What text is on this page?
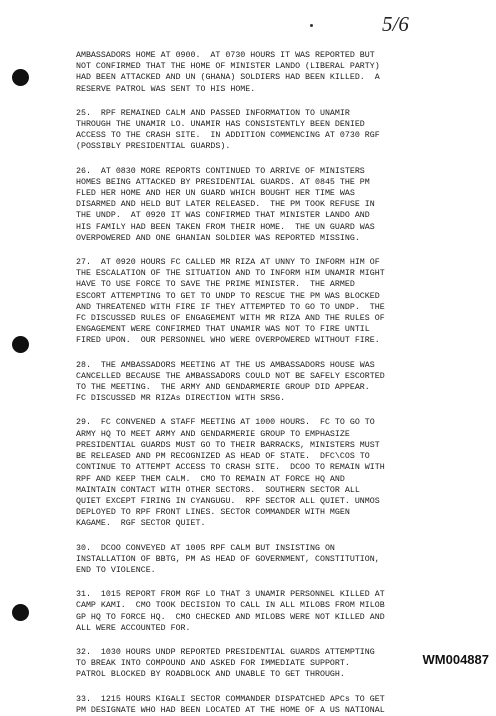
5/6

AMBASSADORS HOME AT 0900.  AT 0730 HOURS IT WAS REPORTED BUT
NOT CONFIRMED THAT THE HOME OF MINISTER LANDO (LIBERAL PARTY)
HAD BEEN ATTACKED AND UN (GHANA) SOLDIERS HAD BEEN KILLED.  A
RESERVE PATROL WAS SENT TO HIS HOME.

25.  RPF REMAINED CALM AND PASSED INFORMATION TO UNAMIR
THROUGH THE UNAMIR LO. UNAMIR HAS CONSISTENTLY BEEN DENIED
ACCESS TO THE CRASH SITE.  IN ADDITION COMMENCING AT 0730 RGF
(POSSIBLY PRESIDENTIAL GUARDS).

26.  AT 0830 MORE REPORTS CONTINUED TO ARRIVE OF MINISTERS
HOMES BEING ATTACKED BY PRESIDENTIAL GUARDS. AT 0845 THE PM
FLED HER HOME AND HER UN GUARD WHICH BOUGHT HER TIME WAS
DISARMED AND HELD BUT LATER RELEASED.  THE PM TOOK REFUSE IN
THE UNDP.  AT 0920 IT WAS CONFIRMED THAT MINISTER LANDO AND
HIS FAMILY HAD BEEN TAKEN FROM THEIR HOME.  THE UN GUARD WAS
OVERPOWERED AND ONE GHANIAN SOLDIER WAS REPORTED MISSING.

27.  AT 0920 HOURS FC CALLED MR RIZA AT UNNY TO INFORM HIM OF
THE ESCALATION OF THE SITUATION AND TO INFORM HIM UNAMIR MIGHT
HAVE TO USE FORCE TO SAVE THE PRIME MINISTER.  THE ARMED
ESCORT ATTEMPTING TO GET TO UNDP TO RESCUE THE PM WAS BLOCKED
AND THREATENED WITH FIRE IF THEY ATTEMPTED TO GO TO UNDP.  THE
FC DISCUSSED RULES OF ENGAGEMENT WITH MR RIZA AND THE RULES OF
ENGAGEMENT WERE CONFIRMED THAT UNAMIR WAS NOT TO FIRE UNTIL
FIRED UPON.  OUR PERSONNEL WHO WERE OVERPOWERED WITHOUT FIRE.

28.  THE AMBASSADORS MEETING AT THE US AMBASSADORS HOUSE WAS
CANCELLED BECAUSE THE AMBASSADORS COULD NOT BE SAFELY ESCORTED
TO THE MEETING.  THE ARMY AND GENDARMERIE GROUP DID APPEAR.
FC DISCUSSED MR RIZAs DIRECTION WITH SRSG.

29.  FC CONVENED A STAFF MEETING AT 1000 HOURS.  FC TO GO TO
ARMY HQ TO MEET ARMY AND GENDARMERIE GROUP TO EMPHASIZE
PRESIDENTIAL GUARDS MUST GO TO THEIR BARRACKS, MINISTERS MUST
BE RELEASED AND PM RECOGNIZED AS HEAD OF STATE.  DFC\COS TO
CONTINUE TO ATTEMPT ACCESS TO CRASH SITE.  DCOO TO REMAIN WITH
RPF AND KEEP THEM CALM.  CMO TO REMAIN AT FORCE HQ AND
MAINTAIN CONTACT WITH OTHER SECTORS.  SOUTHERN SECTOR ALL
QUIET EXCEPT FIRING IN CYANGUGU.  RPF SECTOR ALL QUIET. UNMOS
DEPLOYED TO RPF FRONT LINES. SECTOR COMMANDER WITH MGEN
KAGAME.  RGF SECTOR QUIET.

30.  DCOO CONVEYED AT 1005 RPF CALM BUT INSISTING ON
INSTALLATION OF BBTG, PM AS HEAD OF GOVERNMENT, CONSTITUTION,
END TO VIOLENCE.

31.  1015 REPORT FROM RGF LO THAT 3 UNAMIR PERSONNEL KILLED AT
CAMP KAMI.  CMO TOOK DECISION TO CALL IN ALL MILOBS FROM MILOB
GP HQ TO FORCE HQ.  CMO CHECKED AND MILOBS WERE NOT KILLED AND
ALL WERE ACCOUNTED FOR.

32.  1030 HOURS UNDP REPORTED PRESIDENTIAL GUARDS ATTEMPTING
TO BREAK INTO COMPOUND AND ASKED FOR IMMEDIATE SUPPORT.
PATROL BLOCKED BY ROADBLOCK AND UNABLE TO GET THROUGH.

33.  1215 HOURS KIGALI SECTOR COMMANDER DISPATCHED APCs TO GET
PM DESIGNATE WHO HAD BEEN LOCATED AT THE HOME OF A US NATIONAL

WM004887
